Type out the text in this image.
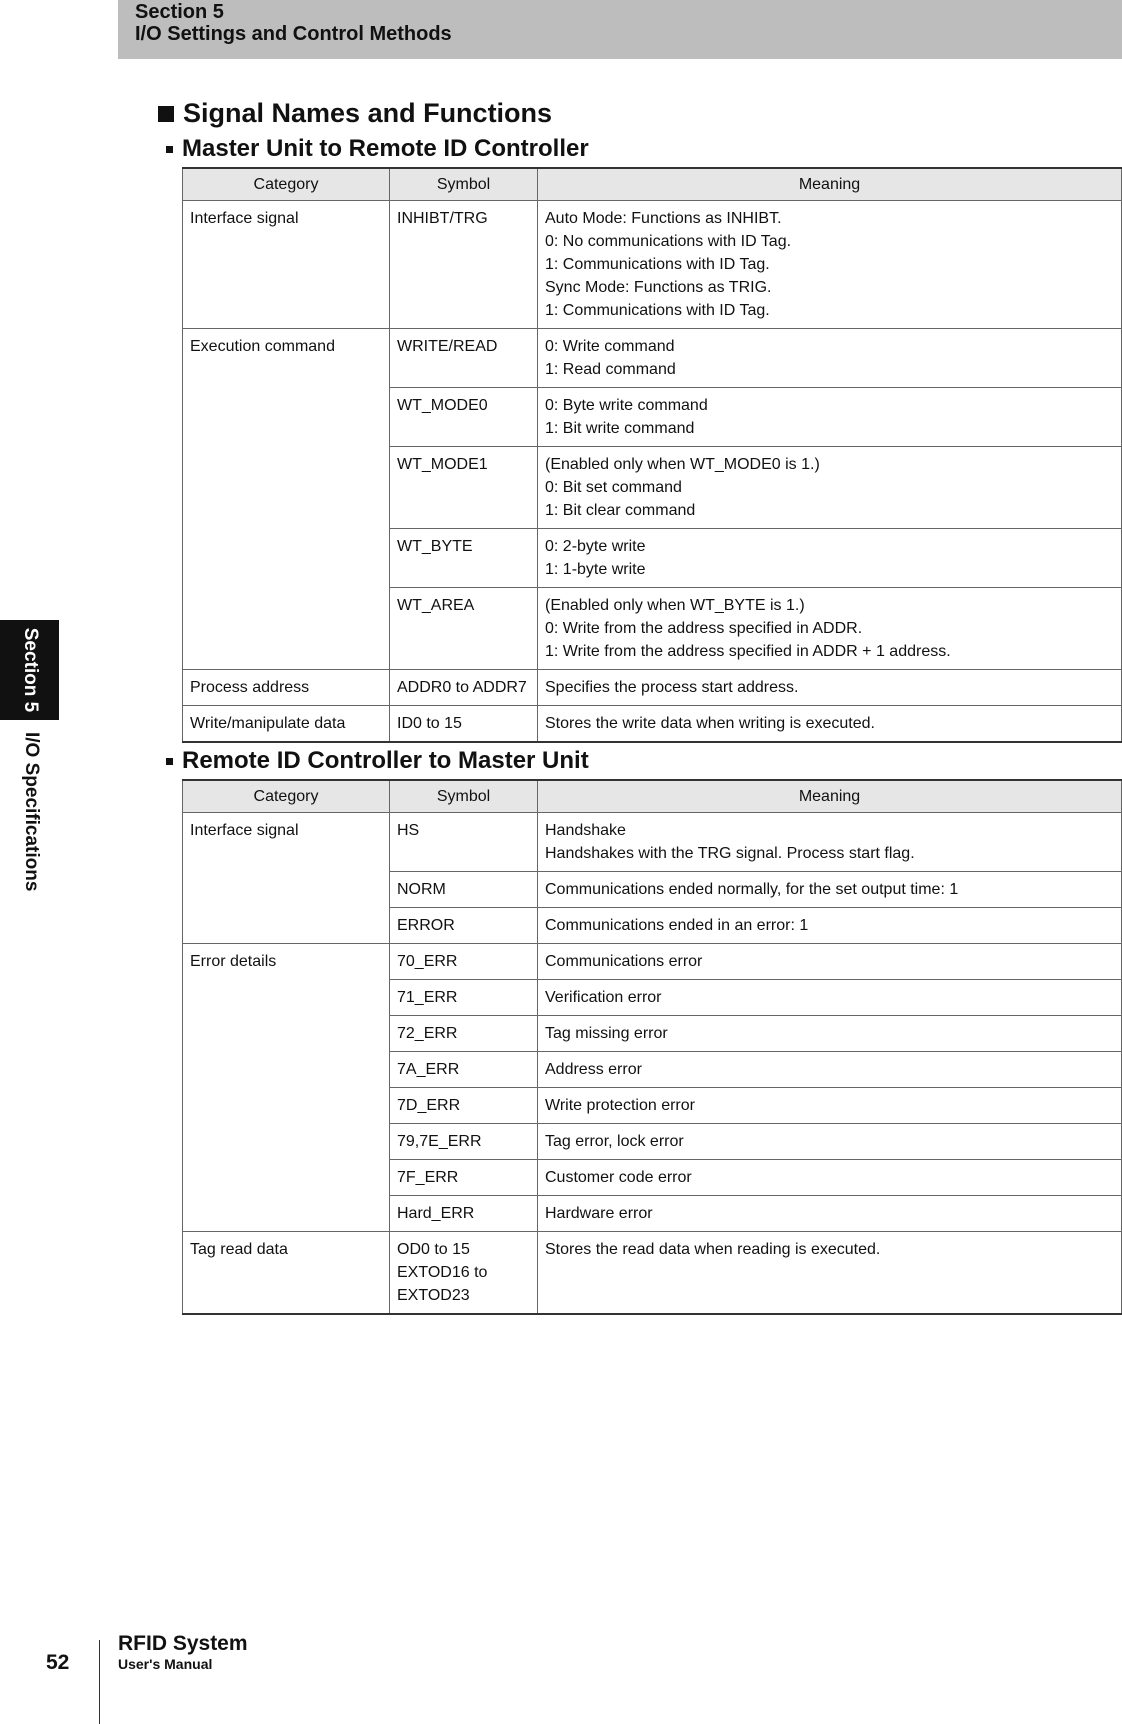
Section 5
I/O Settings and Control Methods
Section 5
I/O Specifications
Signal Names and Functions
Master Unit to Remote ID Controller
Category	Symbol	Meaning
Interface signal	INHIBT/TRG	Auto Mode: Functions as INHIBT.
0: No communications with ID Tag.
1: Communications with ID Tag.
Sync Mode: Functions as TRIG.
1: Communications with ID Tag.

Execution command	WRITE/READ	0: Write command
1: Read command

	WT_MODE0	0: Byte write command
1: Bit write command

	WT_MODE1	(Enabled only when WT_MODE0 is 1.)
0: Bit set command
1: Bit clear command

	WT_BYTE	0: 2-byte write
1: 1-byte write

	WT_AREA	(Enabled only when WT_BYTE is 1.)
0: Write from the address specified in ADDR.
1: Write from the address specified in ADDR + 1 address.

Process address	ADDR0 to ADDR7	Specifies the process start address.

Write/manipulate data	ID0 to 15	Stores the write data when writing is executed.
Remote ID Controller to Master Unit
Category	Symbol	Meaning
Interface signal	HS	Handshake
Handshakes with the TRG signal. Process start flag.

	NORM	Communications ended normally, for the set output time: 1

	ERROR	Communications ended in an error: 1

Error details	70_ERR	Communications error

	71_ERR	Verification error

	72_ERR	Tag missing error

	7A_ERR	Address error

	7D_ERR	Write protection error

	79,7E_ERR	Tag error, lock error

	7F_ERR	Customer code error

	Hard_ERR	Hardware error

Tag read data	OD0 to 15
EXTOD16 to
EXTOD23	Stores the read data when reading is executed.
52
RFID System
User's Manual
